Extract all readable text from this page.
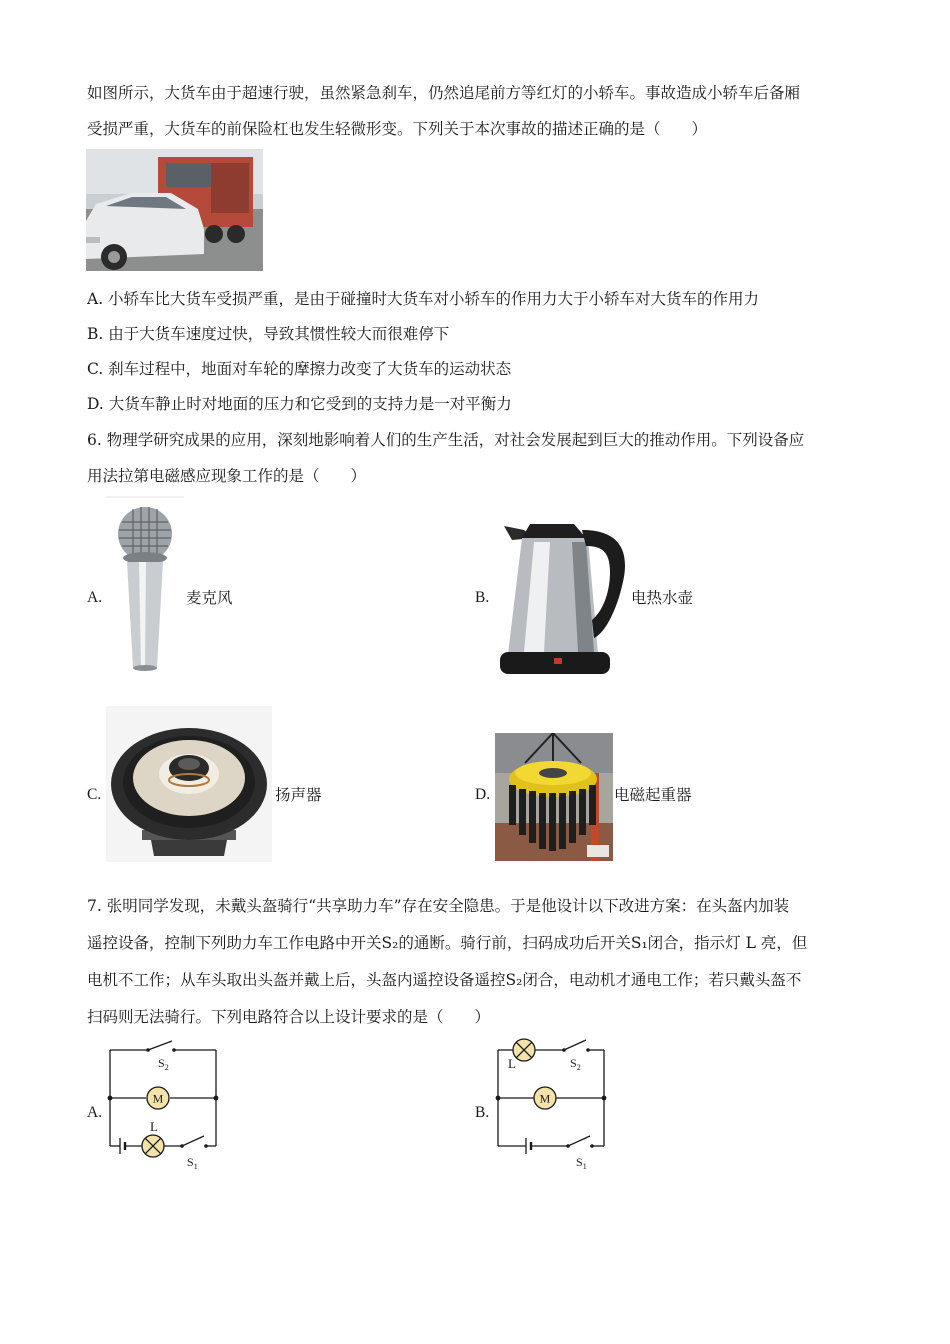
如图所示，大货车由于超速行驶，虽然紧急刹车，仍然追尾前方等红灯的小轿车。事故造成小轿车后备厢
受损严重，大货车的前保险杠也发生轻微形变。下列关于本次事故的描述正确的是（　　）
A. 小轿车比大货车受损严重，是由于碰撞时大货车对小轿车的作用力大于小轿车对大货车的作用力
B. 由于大货车速度过快，导致其惯性较大而很难停下
C. 刹车过程中，地面对车轮的摩擦力改变了大货车的运动状态
D. 大货车静止时对地面的压力和它受到的支持力是一对平衡力
6. 物理学研究成果的应用，深刻地影响着人们的生产生活，对社会发展起到巨大的推动作用。下列设备应
用法拉第电磁感应现象工作的是（　　）
A.	麦克风	B.	电热水壶
C.	扬声器	D.	电磁起重器
7. 张明同学发现，未戴头盔骑行“共享助力车”存在安全隐患。于是他设计以下改进方案：在头盔内加装
遥控设备，控制下列助力车工作电路中开关S₂的通断。骑行前，扫码成功后开关S₁闭合，指示灯 L 亮，但
电机不工作；从车头取出头盔并戴上后，头盔内遥控设备遥控S₂闭合，电动机才通电工作；若只戴头盔不
扫码则无法骑行。下列电路符合以上设计要求的是（　　）
A.
M
L
$S_2$
$S_1$
B.
L
M
$S_2$
$S_1$
